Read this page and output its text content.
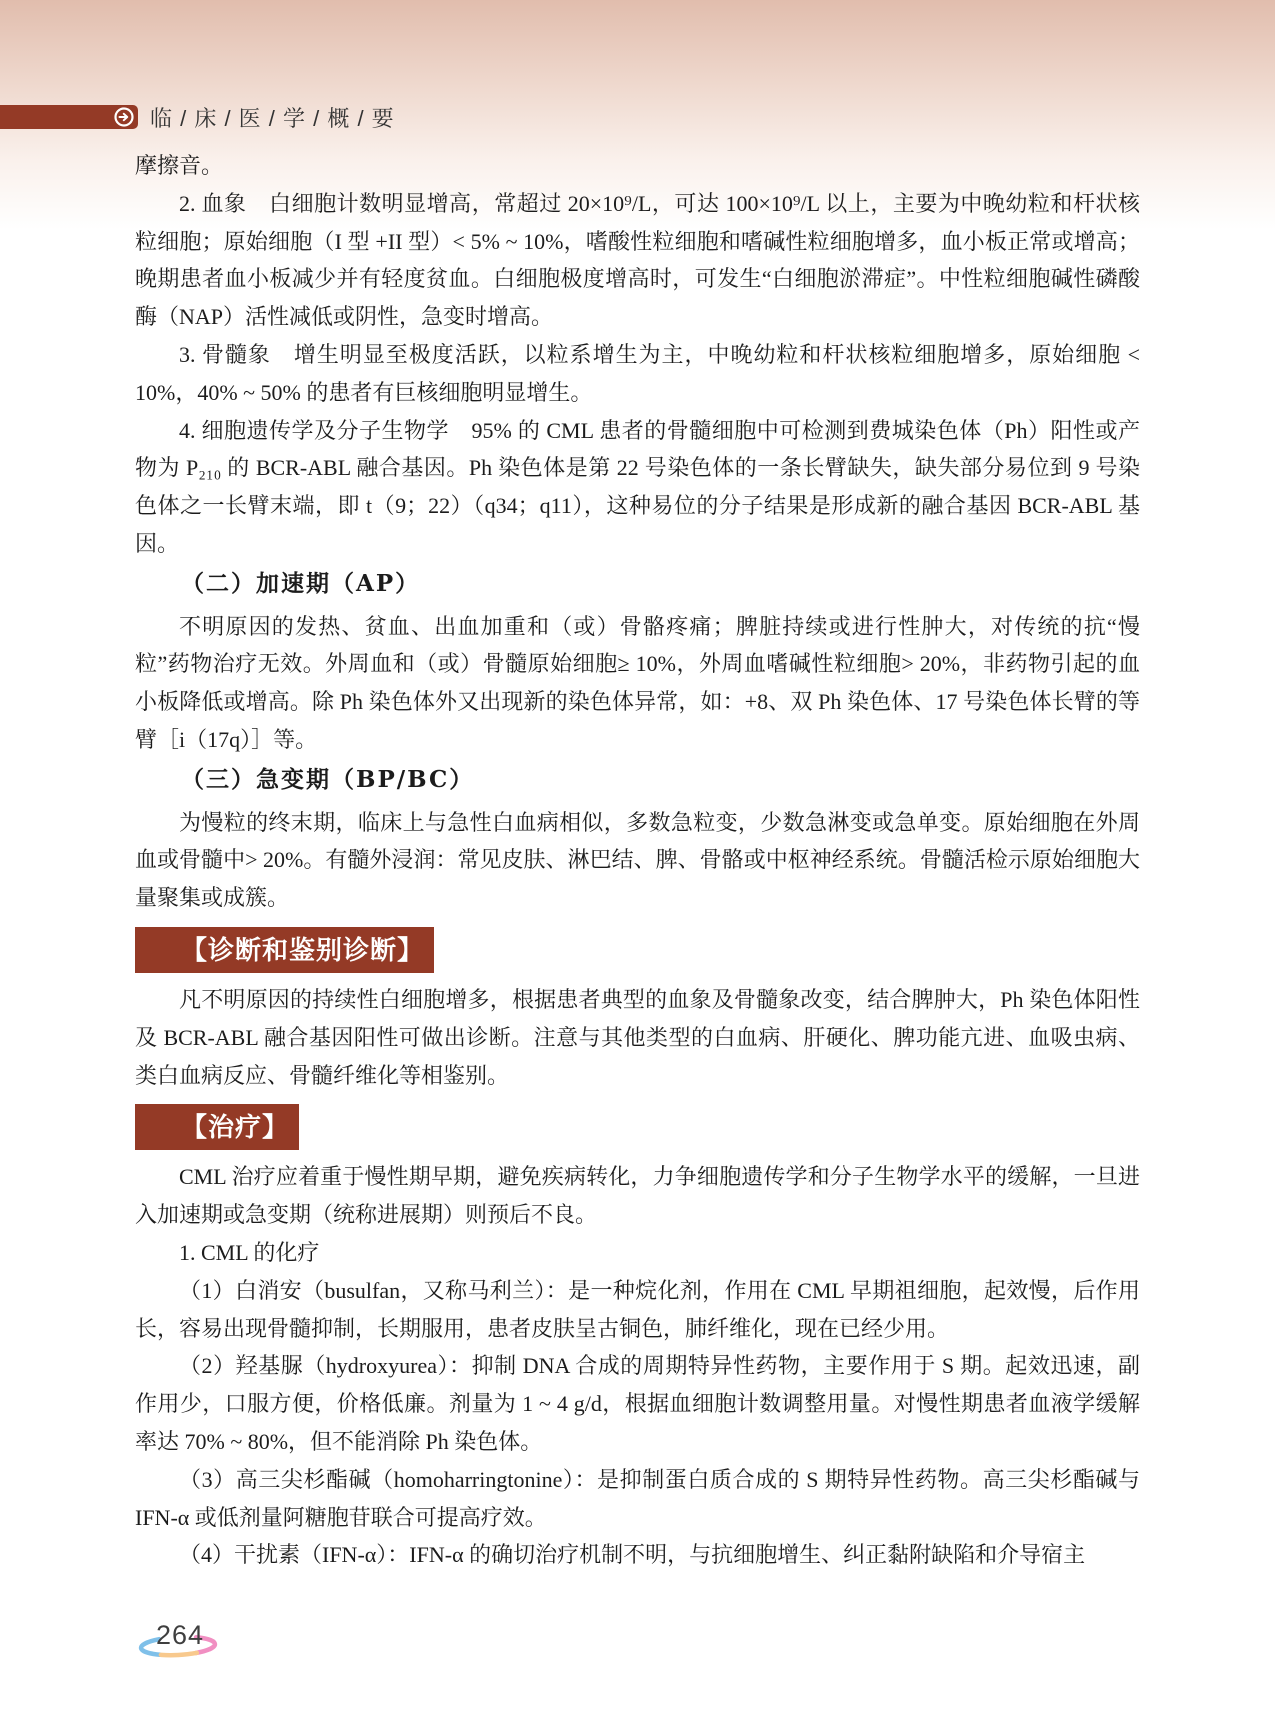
临 / 床 / 医 / 学 / 概 / 要

摩擦音。

2. 血象　白细胞计数明显增高，常超过 20×10⁹/L，可达 100×10⁹/L 以上，主要为中晚幼粒和杆状核粒细胞；原始细胞（I 型 +II 型）< 5% ~ 10%，嗜酸性粒细胞和嗜碱性粒细胞增多，血小板正常或增高；晚期患者血小板减少并有轻度贫血。白细胞极度增高时，可发生“白细胞淤滞症”。中性粒细胞碱性磷酸酶（NAP）活性减低或阴性，急变时增高。

3. 骨髓象　增生明显至极度活跃，以粒系增生为主，中晚幼粒和杆状核粒细胞增多，原始细胞 < 10%，40% ~ 50% 的患者有巨核细胞明显增生。

4. 细胞遗传学及分子生物学　95% 的 CML 患者的骨髓细胞中可检测到费城染色体（Ph）阳性或产物为 P₂₁₀ 的 BCR-ABL 融合基因。Ph 染色体是第 22 号染色体的一条长臂缺失，缺失部分易位到 9 号染色体之一长臂末端，即 t（9；22）（q34；q11），这种易位的分子结果是形成新的融合基因 BCR-ABL 基因。

（二）加速期（AP）

不明原因的发热、贫血、出血加重和（或）骨骼疼痛；脾脏持续或进行性肿大，对传统的抗“慢粒”药物治疗无效。外周血和（或）骨髓原始细胞≥ 10%，外周血嗜碱性粒细胞> 20%，非药物引起的血小板降低或增高。除 Ph 染色体外又出现新的染色体异常，如：+8、双 Ph 染色体、17 号染色体长臂的等臂［i（17q）］等。

（三）急变期（BP/BC）

为慢粒的终末期，临床上与急性白血病相似，多数急粒变，少数急淋变或急单变。原始细胞在外周血或骨髓中> 20%。有髓外浸润：常见皮肤、淋巴结、脾、骨骼或中枢神经系统。骨髓活检示原始细胞大量聚集或成簇。

【诊断和鉴别诊断】

凡不明原因的持续性白细胞增多，根据患者典型的血象及骨髓象改变，结合脾肿大，Ph 染色体阳性及 BCR-ABL 融合基因阳性可做出诊断。注意与其他类型的白血病、肝硬化、脾功能亢进、血吸虫病、类白血病反应、骨髓纤维化等相鉴别。

【治疗】

CML 治疗应着重于慢性期早期，避免疾病转化，力争细胞遗传学和分子生物学水平的缓解，一旦进入加速期或急变期（统称进展期）则预后不良。

1. CML 的化疗

（1）白消安（busulfan，又称马利兰）：是一种烷化剂，作用在 CML 早期祖细胞，起效慢，后作用长，容易出现骨髓抑制，长期服用，患者皮肤呈古铜色，肺纤维化，现在已经少用。

（2）羟基脲（hydroxyurea）：抑制 DNA 合成的周期特异性药物，主要作用于 S 期。起效迅速，副作用少，口服方便，价格低廉。剂量为 1 ~ 4 g/d，根据血细胞计数调整用量。对慢性期患者血液学缓解率达 70% ~ 80%，但不能消除 Ph 染色体。

（3）高三尖杉酯碱（homoharringtonine）：是抑制蛋白质合成的 S 期特异性药物。高三尖杉酯碱与 IFN-α 或低剂量阿糖胞苷联合可提高疗效。

（4）干扰素（IFN-α）：IFN-α 的确切治疗机制不明，与抗细胞增生、纠正黏附缺陷和介导宿主

264
